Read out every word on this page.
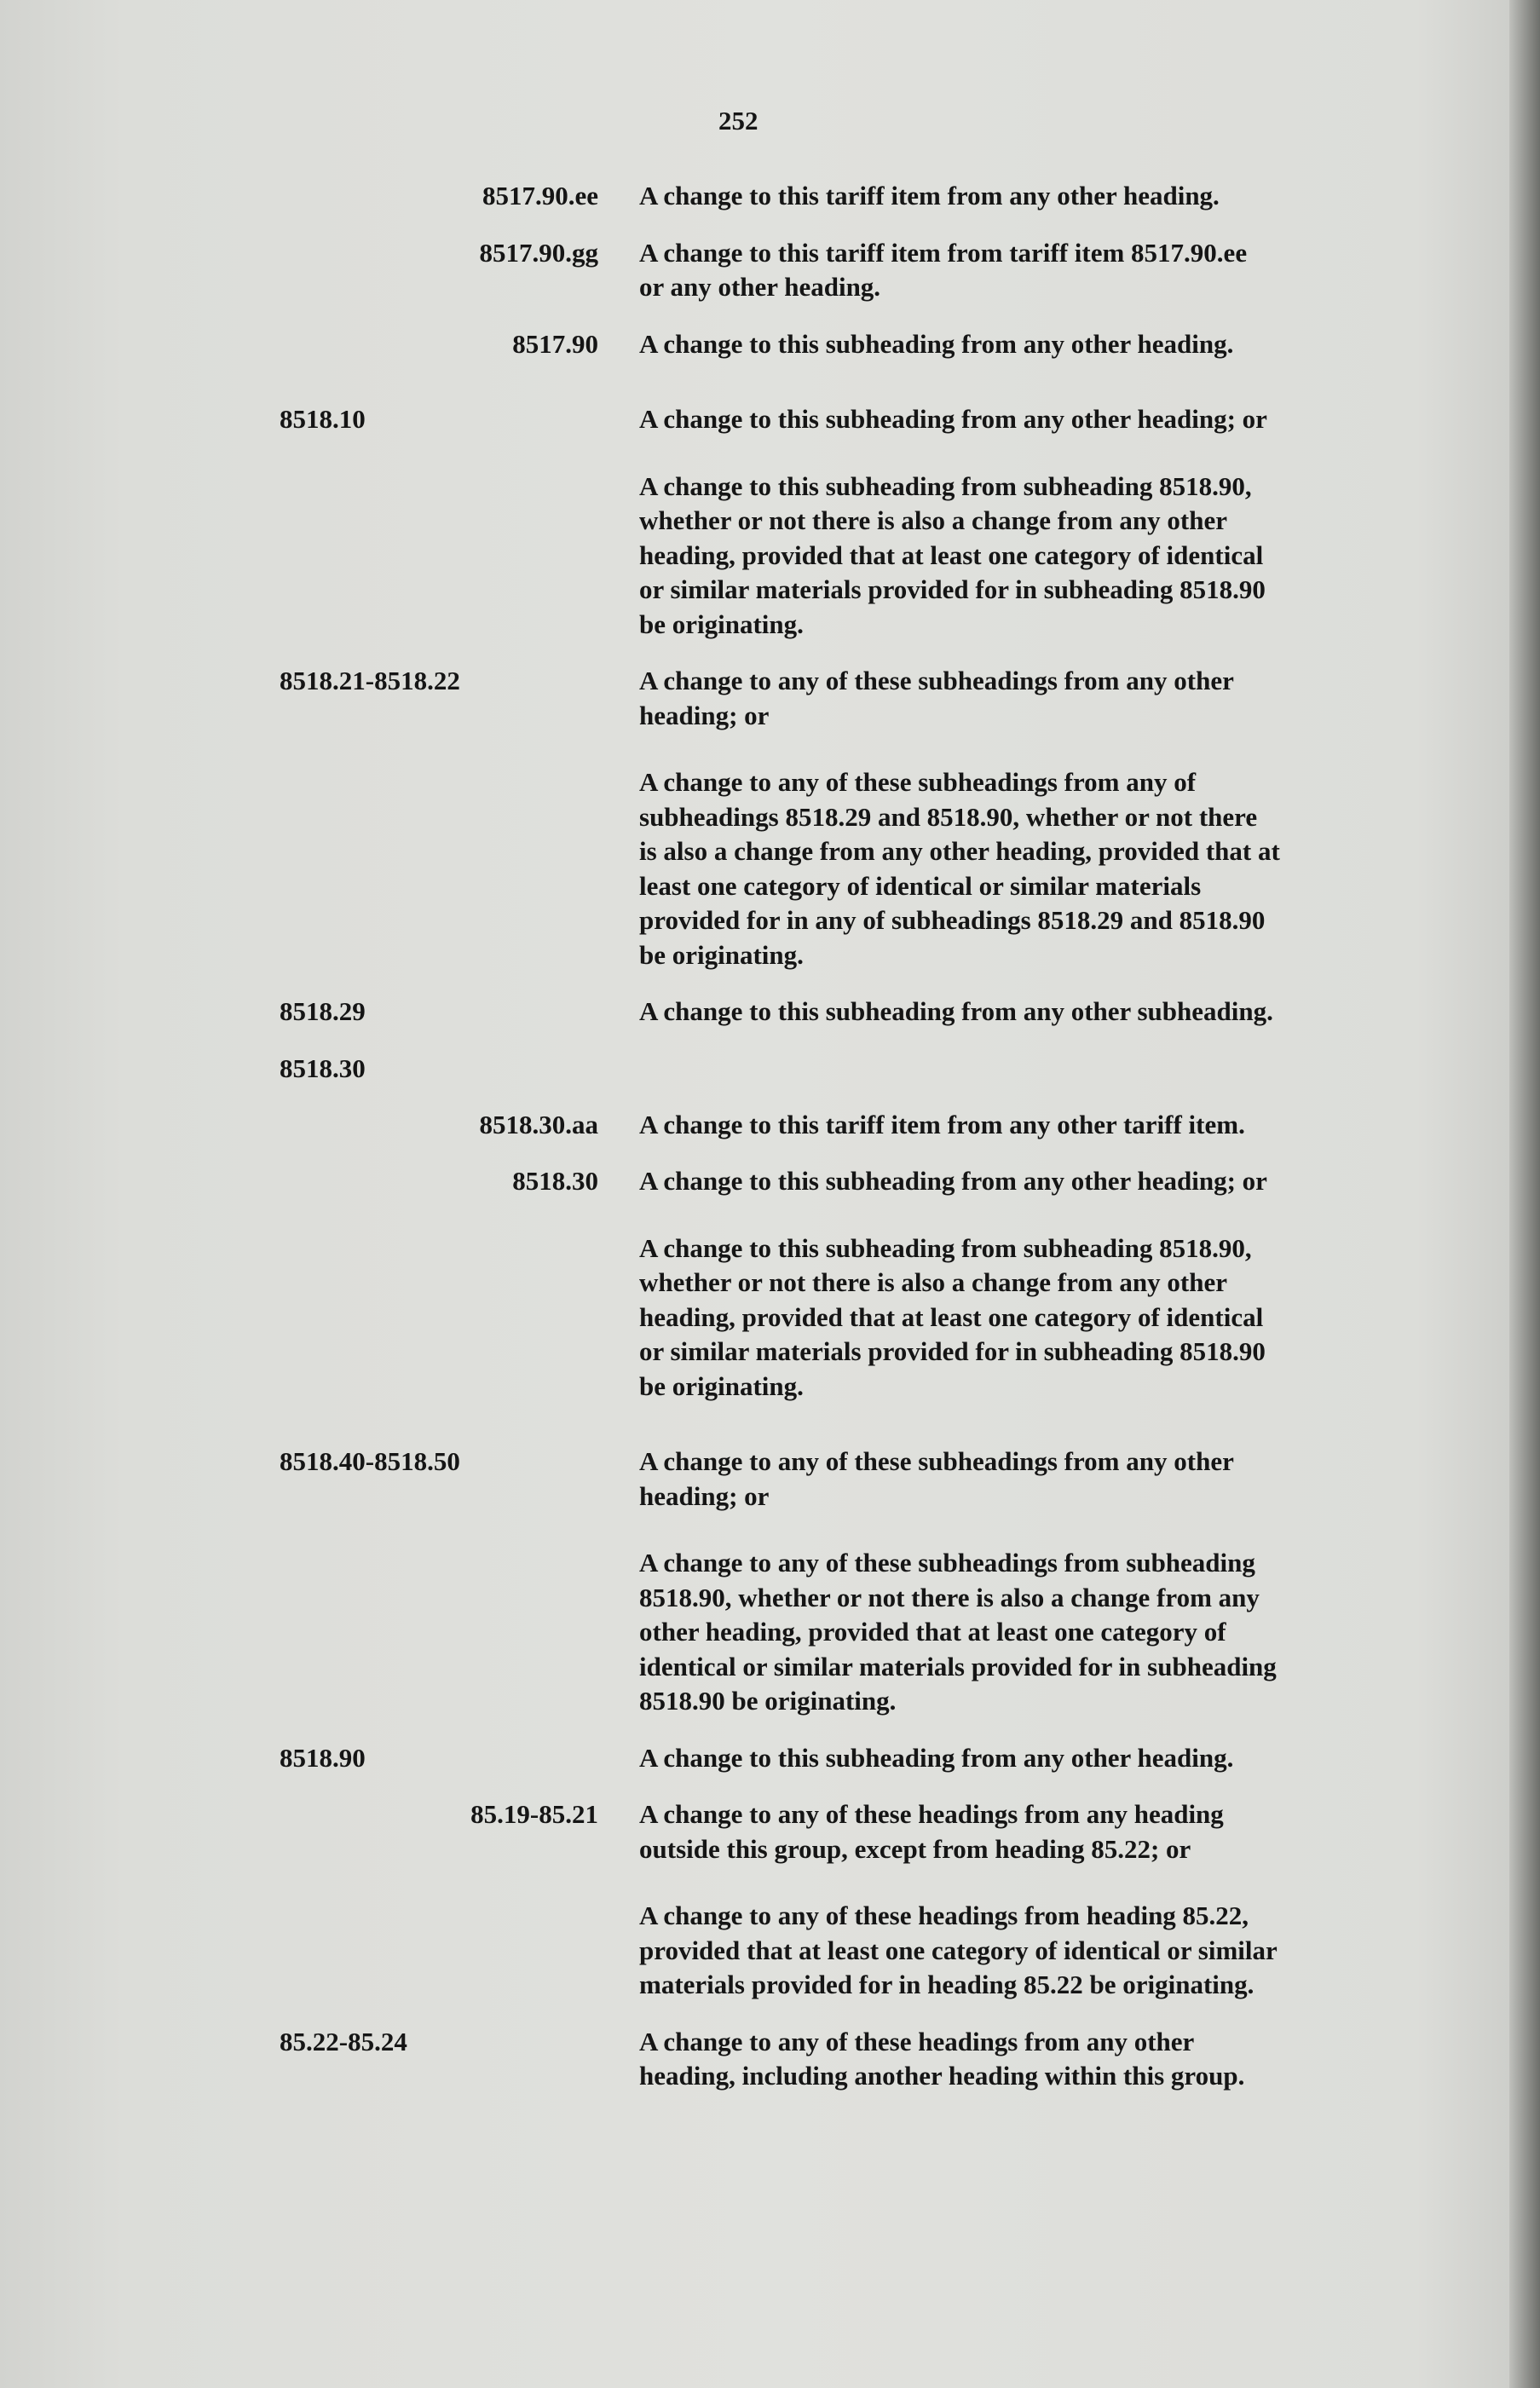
252
8517.90.ee A change to this tariff item from any other heading.

8517.90.gg A change to this tariff item from tariff item 8517.90.ee
or any other heading.

8517.90 A change to this subheading from any other heading.

8518.10	A change to this subheading from any other heading; or

A change to this subheading from subheading 8518.90,
whether or not there is also a change from any other
heading, provided that at least one category of identical
or similar materials provided for in subheading 8518.90
be originating.

8518.21-8518.22	A change to any of these subheadings from any other
heading; or

A change to any of these subheadings from any of
subheadings 8518.29 and 8518.90, whether or not there
is also a change from any other heading, provided that at
least one category of identical or similar materials
provided for in any of subheadings 8518.29 and 8518.90
be originating.

8518.29	A change to this subheading from any other subheading.

8518.30
8518.30.aa A change to this tariff item from any other tariff item.

8518.30 A change to this subheading from any other heading; or

A change to this subheading from subheading 8518.90,
whether or not there is also a change from any other
heading, provided that at least one category of identical
or similar materials provided for in subheading 8518.90
be originating.

8518.40-8518.50	A change to any of these subheadings from any other
heading; or

A change to any of these subheadings from subheading
8518.90, whether or not there is also a change from any
other heading, provided that at least one category of
identical or similar materials provided for in subheading
8518.90 be originating.

8518.90	A change to this subheading from any other heading.

85.19-85.21 A change to any of these headings from any heading
outside this group, except from heading 85.22; or

A change to any of these headings from heading 85.22,
provided that at least one category of identical or similar
materials provided for in heading 85.22 be originating.

85.22-85.24	A change to any of these headings from any other
heading, including another heading within this group.
